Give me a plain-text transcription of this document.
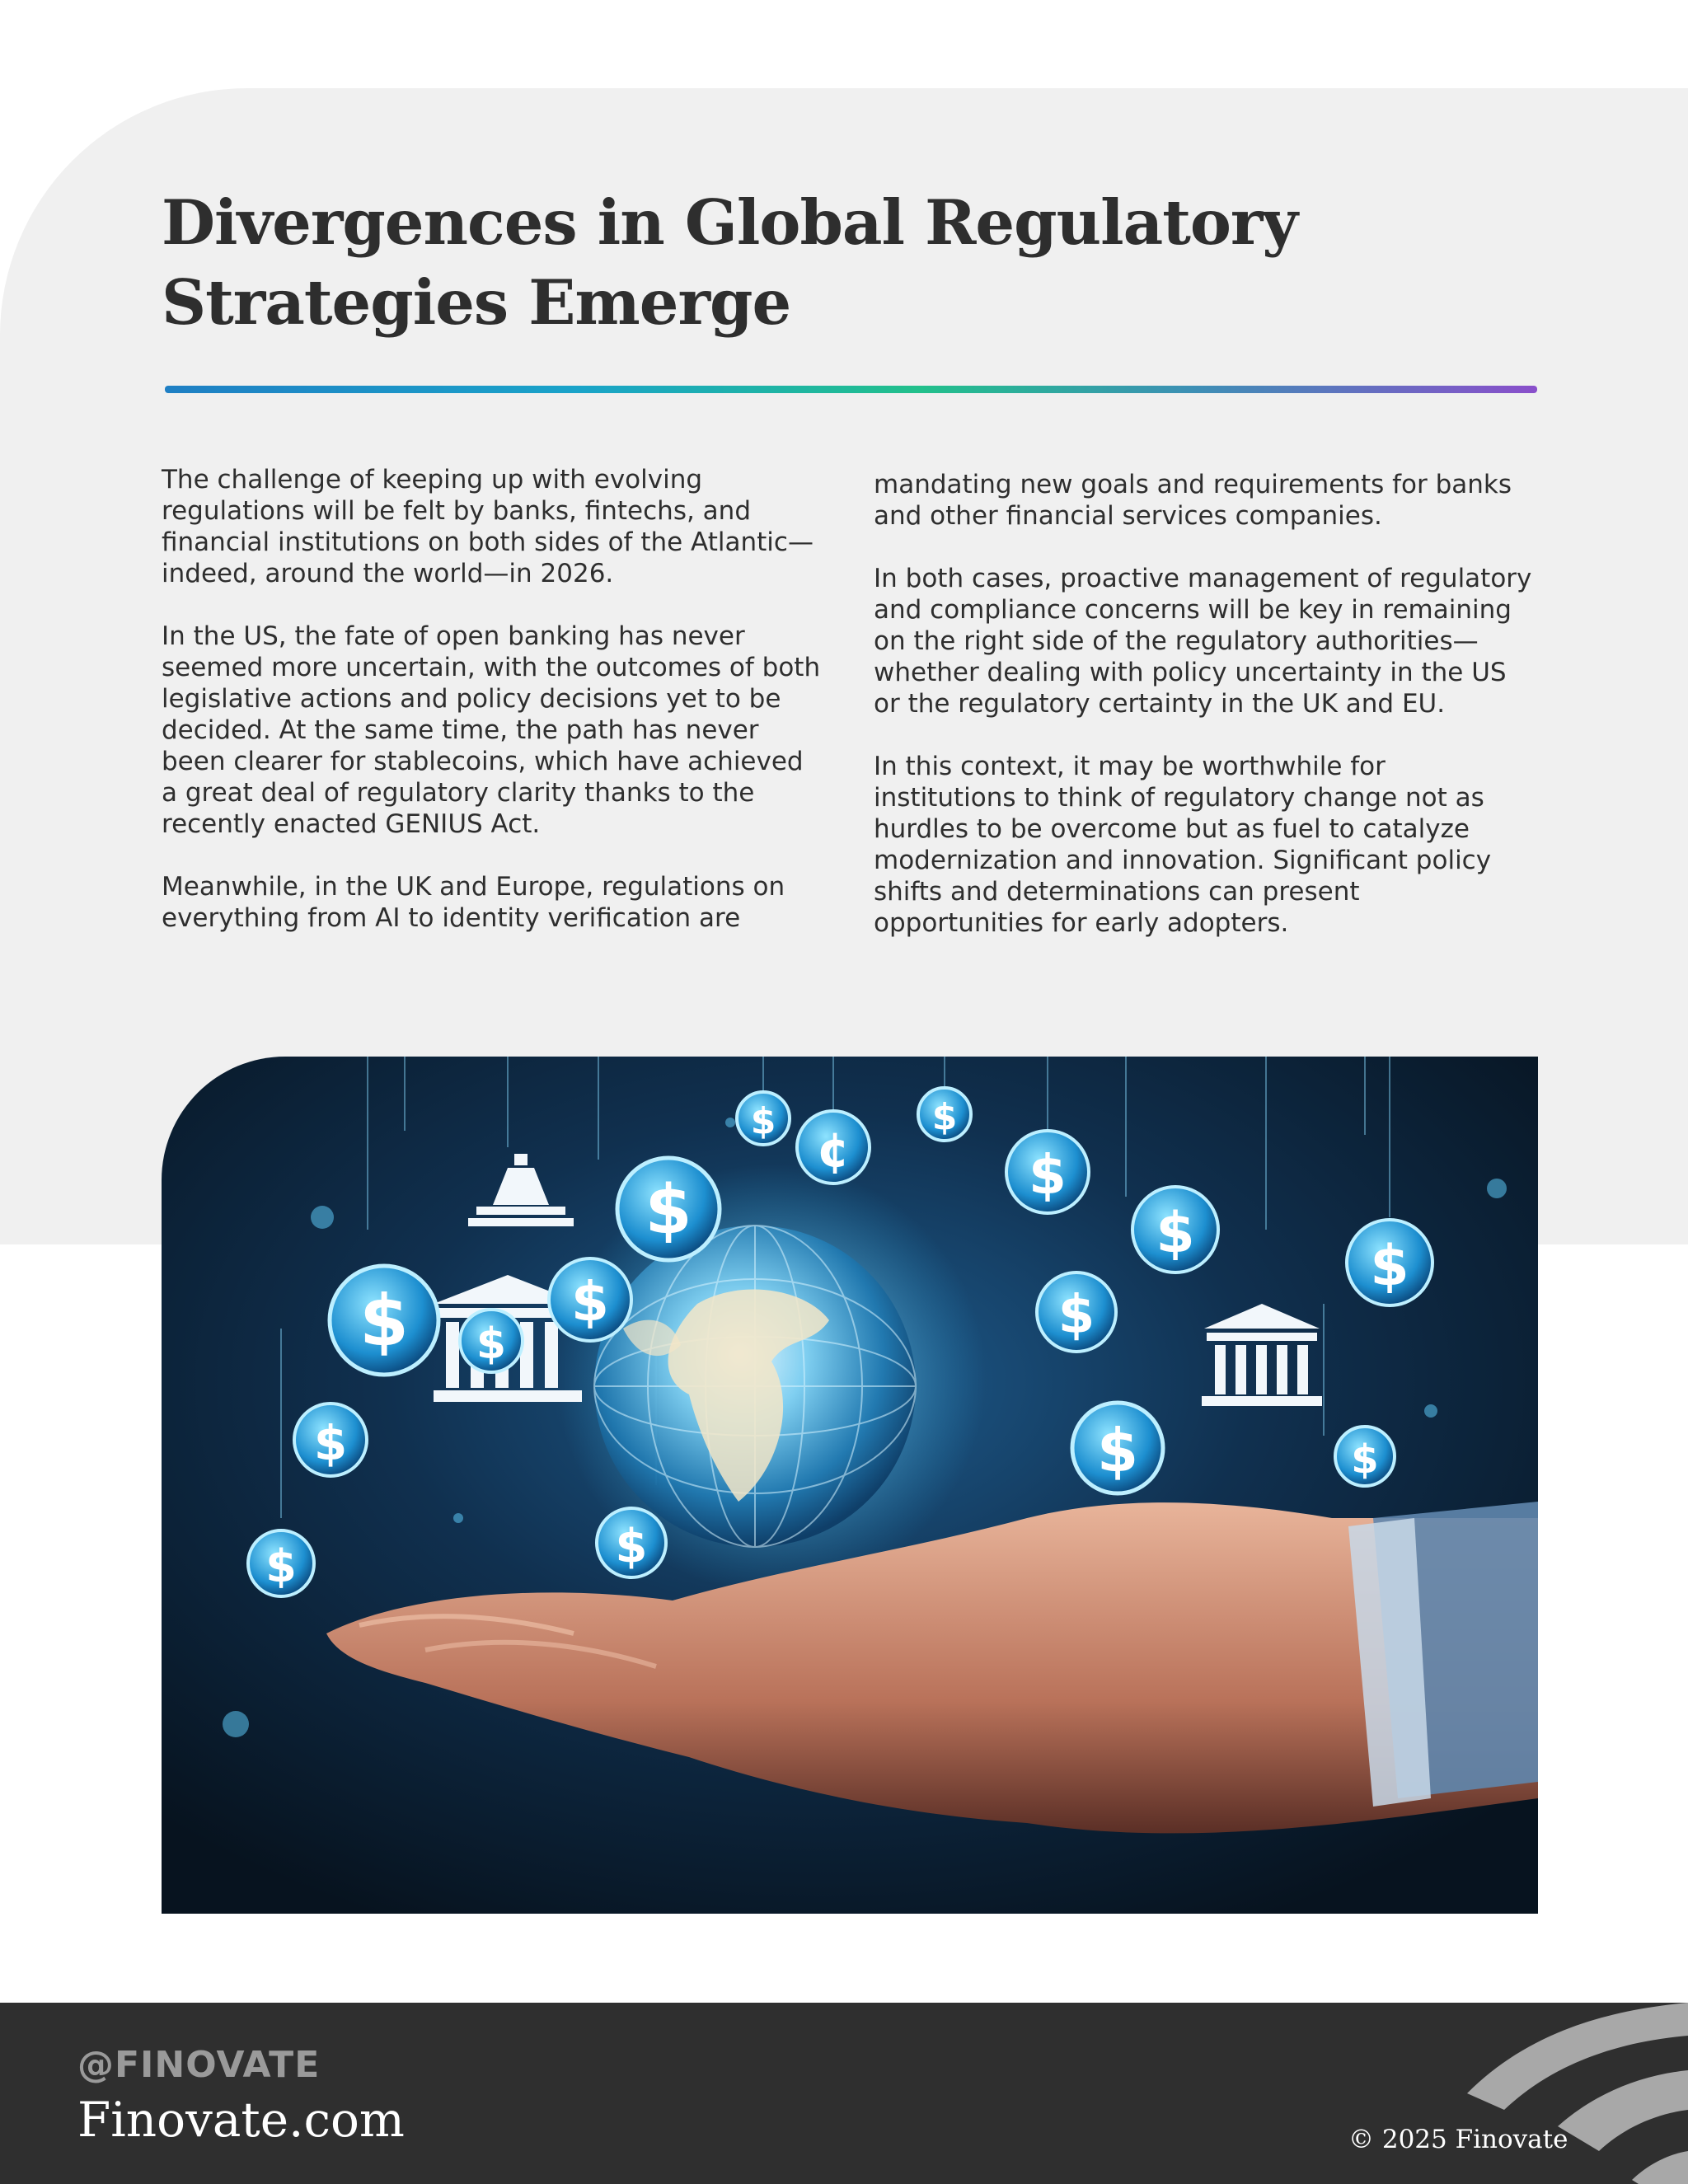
Divergences in Global Regulatory
Strategies Emerge

The challenge of keeping up with evolving regulations will be felt by banks, fintechs, and financial institutions on both sides of the Atlantic—indeed, around the world—in 2026.

In the US, the fate of open banking has never seemed more uncertain, with the outcomes of both legislative actions and policy decisions yet to be decided. At the same time, the path has never been clearer for stablecoins, which have achieved a great deal of regulatory clarity thanks to the recently enacted GENIUS Act.

Meanwhile, in the UK and Europe, regulations on everything from AI to identity verification are

mandating new goals and requirements for banks and other financial services companies.

In both cases, proactive management of regulatory and compliance concerns will be key in remaining on the right side of the regulatory authorities—whether dealing with policy uncertainty in the US or the regulatory certainty in the UK and EU.

In this context, it may be worthwhile for institutions to think of regulatory change not as hurdles to be overcome but as fuel to catalyze modernization and innovation. Significant policy shifts and determinations can present opportunities for early adopters.

$
$
$
$
$
$	$
$	$
$
$
$
$
$	$
¢
@FINOVATE
Finovate.com	© 2025 Finovate
